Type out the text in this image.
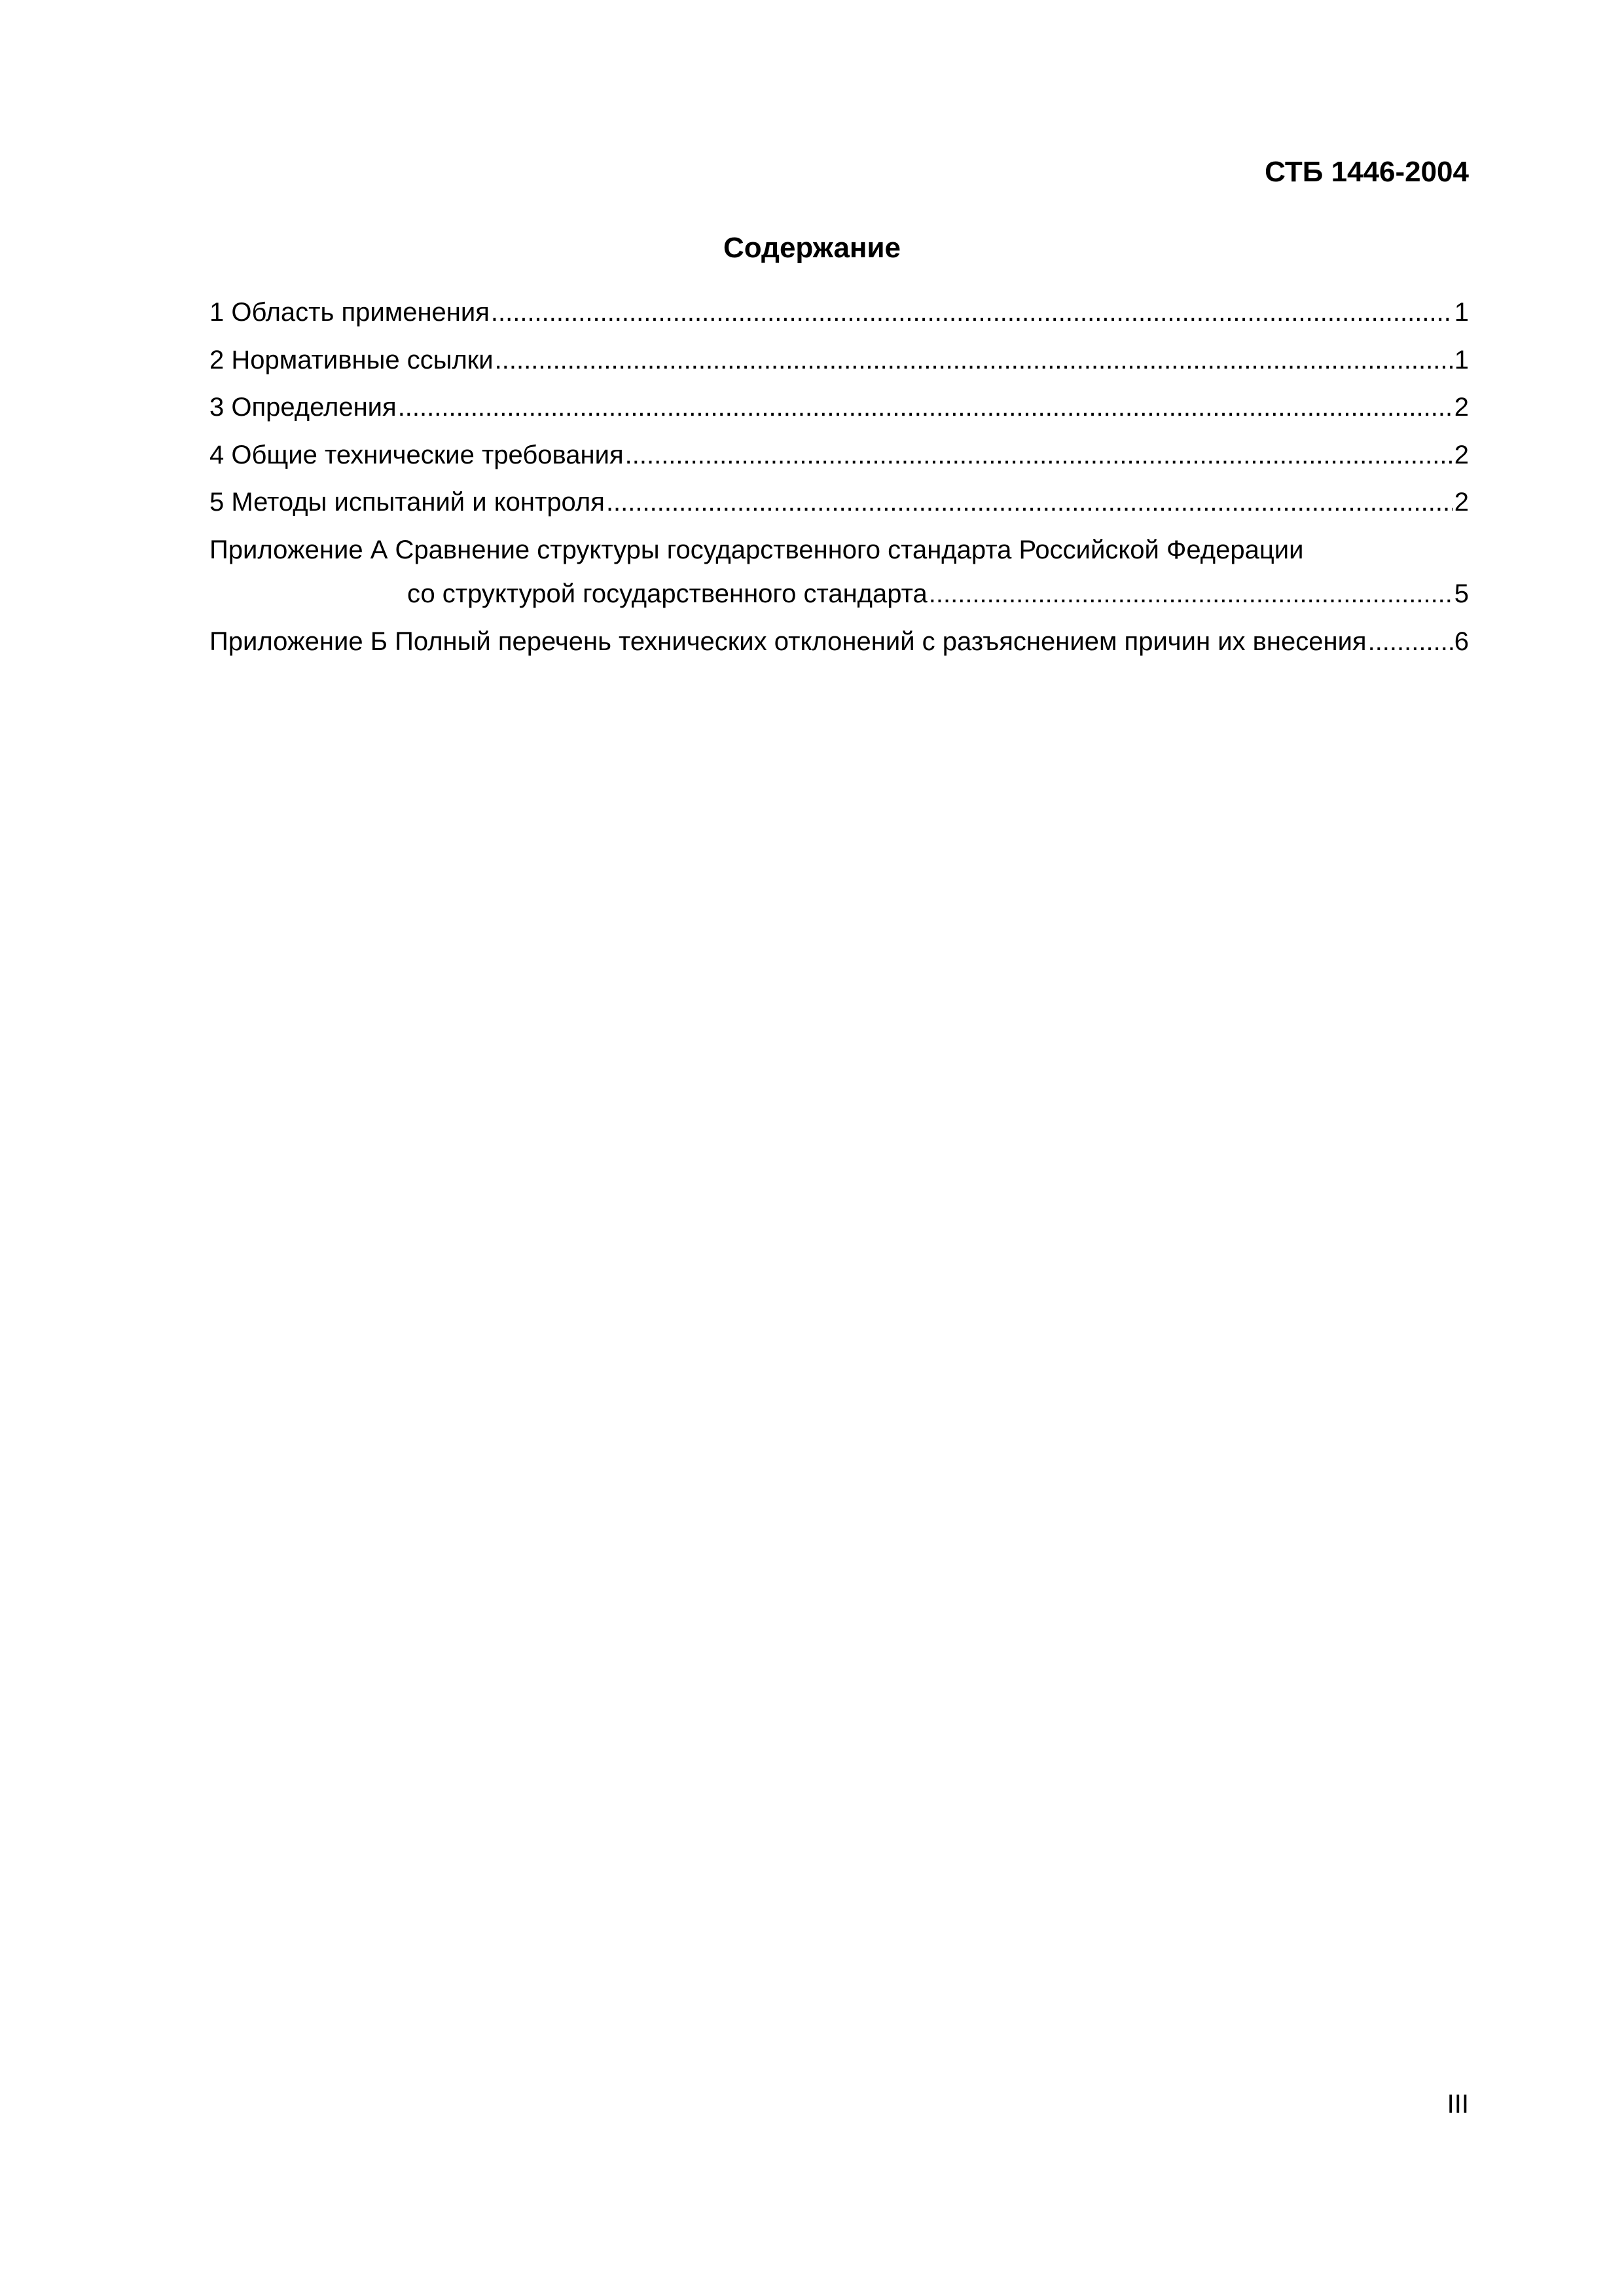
СТБ 1446-2004
Содержание
1 Область применения .....	1
2 Нормативные ссылки .....	1
3 Определения .....	2
4 Общие технические требования .....	2
5 Методы испытаний и контроля .....	2
Приложение А Сравнение структуры государственного стандарта Российской Федерации
со структурой государственного стандарта .....	5
Приложение Б Полный перечень технических отклонений с разъяснением причин их внесения .....	6
III
